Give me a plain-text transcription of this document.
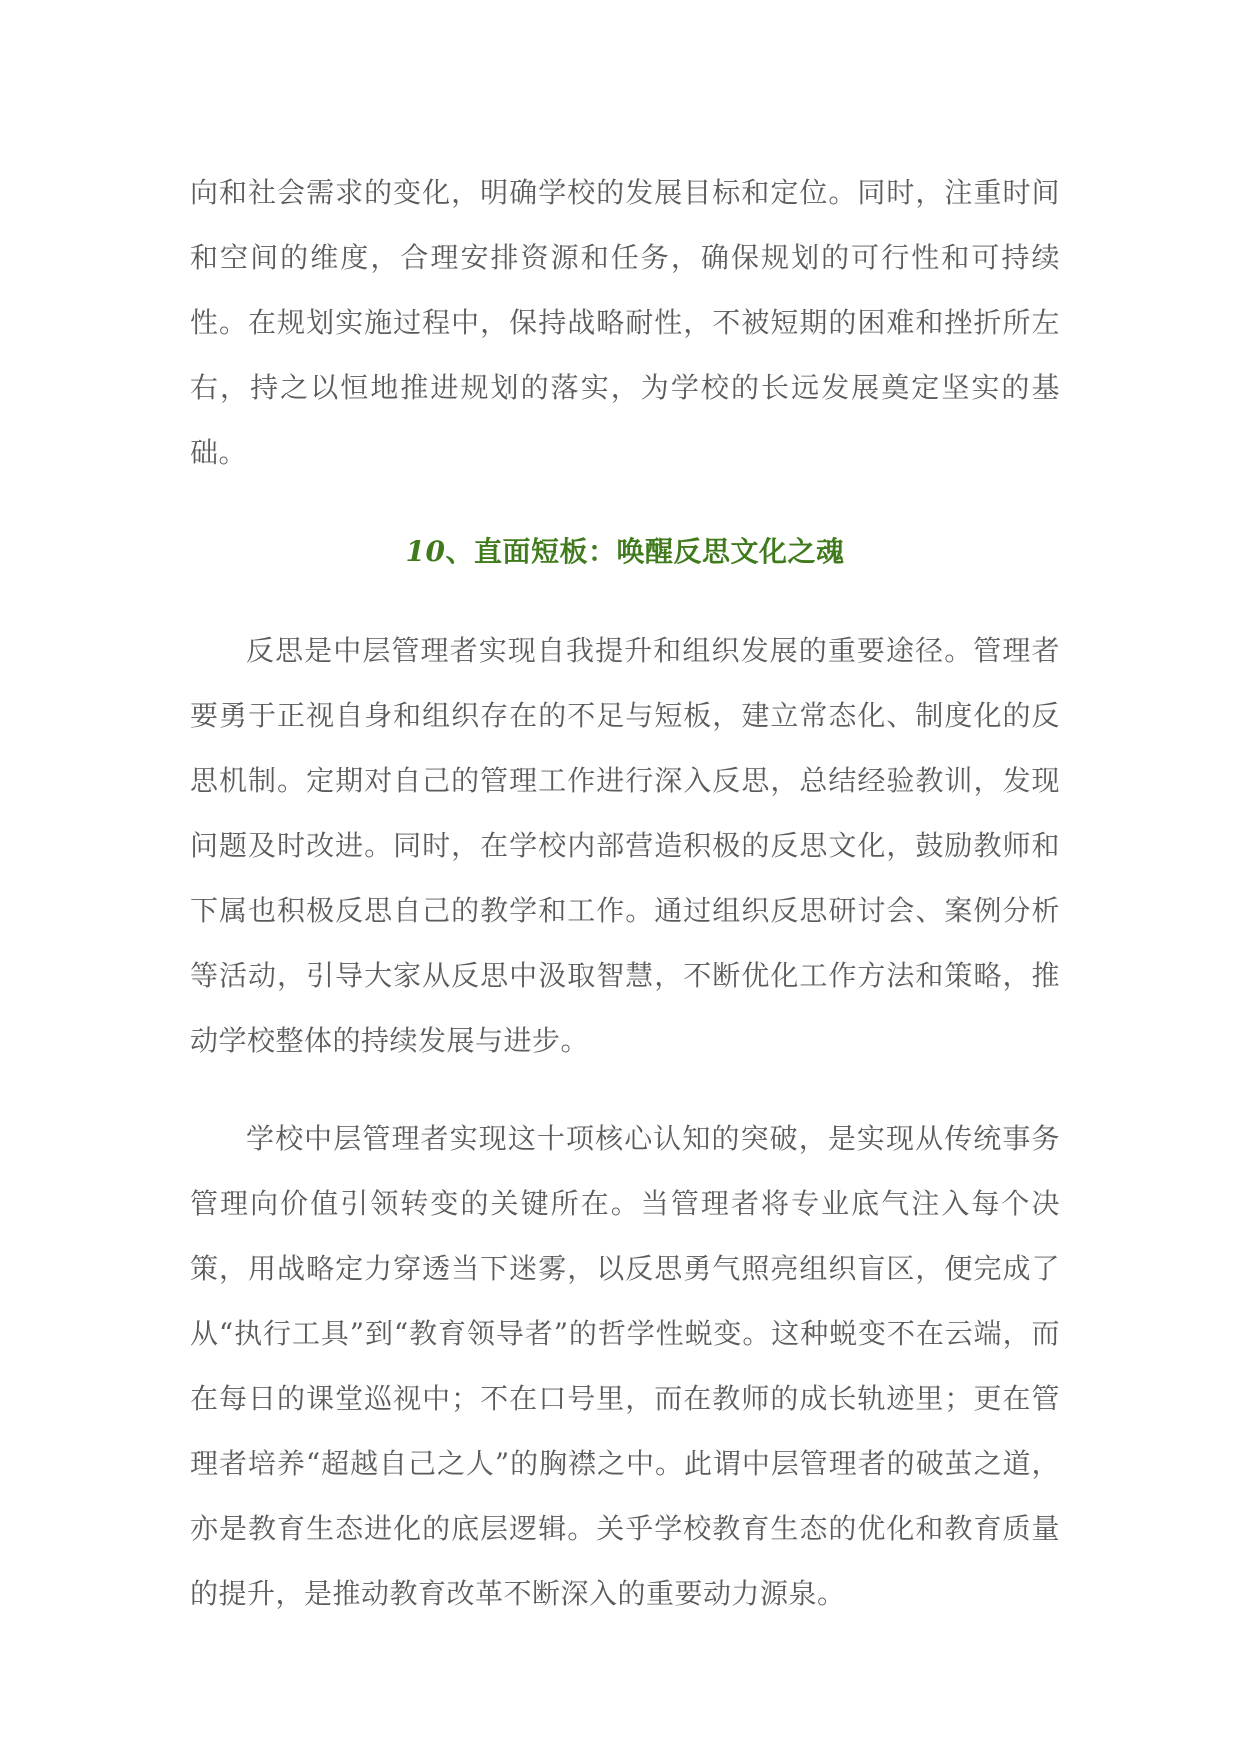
向和社会需求的变化，明确学校的发展目标和定位。同时，注重时间和空间的维度，合理安排资源和任务，确保规划的可行性和可持续性。在规划实施过程中，保持战略耐性，不被短期的困难和挫折所左右，持之以恒地推进规划的落实，为学校的长远发展奠定坚实的基础。

10、直面短板：唤醒反思文化之魂

反思是中层管理者实现自我提升和组织发展的重要途径。管理者要勇于正视自身和组织存在的不足与短板，建立常态化、制度化的反思机制。定期对自己的管理工作进行深入反思，总结经验教训，发现问题及时改进。同时，在学校内部营造积极的反思文化，鼓励教师和下属也积极反思自己的教学和工作。通过组织反思研讨会、案例分析等活动，引导大家从反思中汲取智慧，不断优化工作方法和策略，推动学校整体的持续发展与进步。

学校中层管理者实现这十项核心认知的突破，是实现从传统事务管理向价值引领转变的关键所在。当管理者将专业底气注入每个决策，用战略定力穿透当下迷雾，以反思勇气照亮组织盲区，便完成了从“执行工具”到“教育领导者”的哲学性蜕变。这种蜕变不在云端，而在每日的课堂巡视中；不在口号里，而在教师的成长轨迹里；更在管理者培养“超越自己之人”的胸襟之中。此谓中层管理者的破茧之道，亦是教育生态进化的底层逻辑。关乎学校教育生态的优化和教育质量的提升，是推动教育改革不断深入的重要动力源泉。
